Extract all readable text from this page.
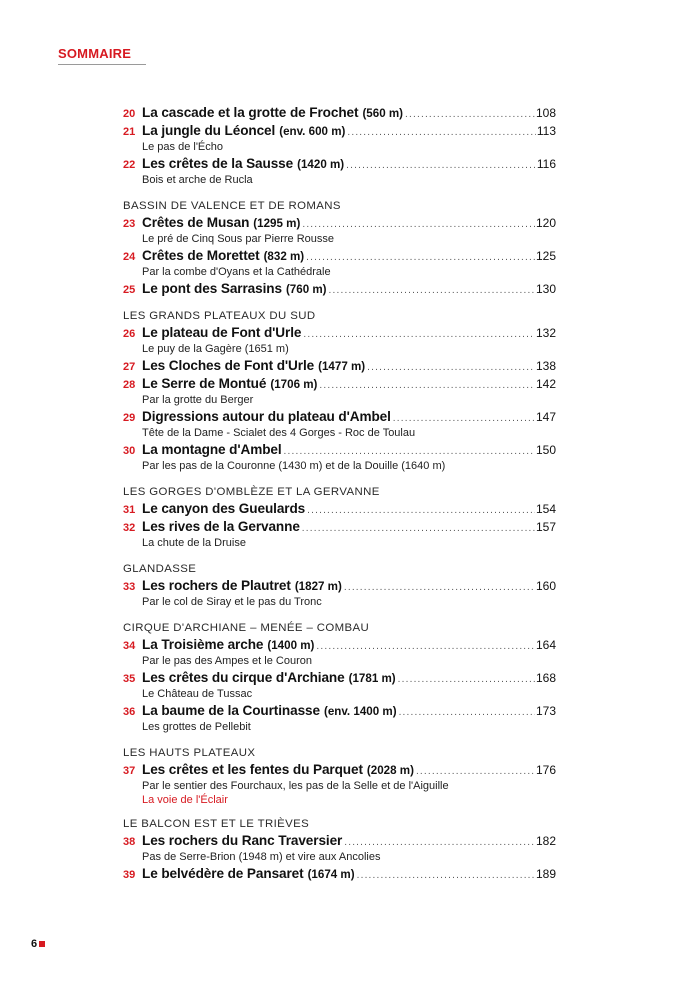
SOMMAIRE
20 La cascade et la grotte de Frochet (560 m) .....	108
21 La jungle du Léoncel (env. 600 m) .....	113
Le pas de l'Écho
22 Les crêtes de la Sausse (1420 m) .....	116
Bois et arche de Rucla
BASSIN DE VALENCE ET DE ROMANS
23 Crêtes de Musan (1295 m) .....	120
Le pré de Cinq Sous par Pierre Rousse
24 Crêtes de Morettet (832 m) .....	125
Par la combe d'Oyans et la Cathédrale
25 Le pont des Sarrasins (760 m) .....	130
LES GRANDS PLATEAUX DU SUD
26 Le plateau de Font d'Urle .....	132
Le puy de la Gagère (1651 m)
27 Les Cloches de Font d'Urle (1477 m) .....	138
28 Le Serre de Montué (1706 m) .....	142
Par la grotte du Berger
29 Digressions autour du plateau d'Ambel .....	147
Tête de la Dame - Scialet des 4 Gorges - Roc de Toulau
30 La montagne d'Ambel .....	150
Par les pas de la Couronne (1430 m) et de la Douille (1640 m)
LES GORGES D'OMBLÈZE ET LA GERVANNE
31 Le canyon des Gueulards .....	154
32 Les rives de la Gervanne .....	157
La chute de la Druise
GLANDASSE
33 Les rochers de Plautret (1827 m) .....	160
Par le col de Siray et le pas du Tronc
CIRQUE D'ARCHIANE – MENÉE – COMBAU
34 La Troisième arche (1400 m) .....	164
Par le pas des Ampes et le Couron
35 Les crêtes du cirque d'Archiane (1781 m) .....	168
Le Château de Tussac
36 La baume de la Courtinasse (env. 1400 m) .....	173
Les grottes de Pellebit
LES HAUTS PLATEAUX
37 Les crêtes et les fentes du Parquet (2028 m) .....	176
Par le sentier des Fourchaux, les pas de la Selle et de l'Aiguille
La voie de l'Éclair
LE BALCON EST ET LE TRIÈVES
38 Les rochers du Ranc Traversier .....	182
Pas de Serre-Brion (1948 m) et vire aux Ancolies
39 Le belvédère de Pansaret (1674 m) .....	189
6
